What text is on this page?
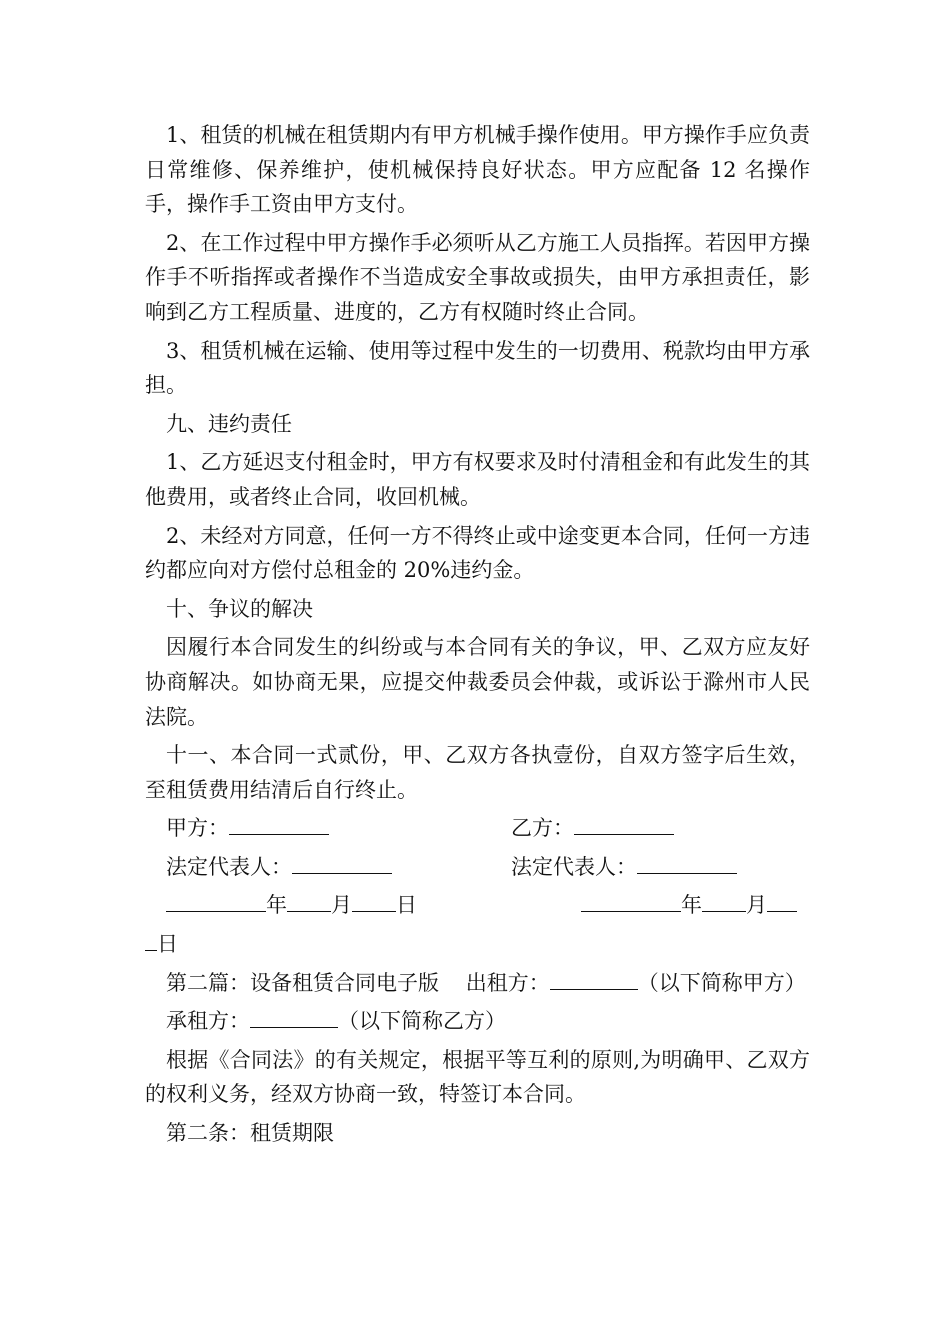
1、租赁的机械在租赁期内有甲方机械手操作使用。甲方操作手应负责日常维修、保养维护，使机械保持良好状态。甲方应配备 12 名操作手，操作手工资由甲方支付。

2、在工作过程中甲方操作手必须听从乙方施工人员指挥。若因甲方操作手不听指挥或者操作不当造成安全事故或损失，由甲方承担责任，影响到乙方工程质量、进度的，乙方有权随时终止合同。

3、租赁机械在运输、使用等过程中发生的一切费用、税款均由甲方承担。

九、违约责任

1、乙方延迟支付租金时，甲方有权要求及时付清租金和有此发生的其他费用，或者终止合同，收回机械。

2、未经对方同意，任何一方不得终止或中途变更本合同，任何一方违约都应向对方偿付总租金的 20%违约金。

十、争议的解决

因履行本合同发生的纠纷或与本合同有关的争议，甲、乙双方应友好协商解决。如协商无果，应提交仲裁委员会仲裁，或诉讼于滁州市人民法院。

十一、本合同一式贰份，甲、乙双方各执壹份，自双方签字后生效，至租赁费用结清后自行终止。

甲方：	乙方：
法定代表人：	法定代表人：
年 月 日	年 月
日

第二篇：设备租赁合同电子版 出租方：	（以下简称甲方）

承租方：	（以下简称乙方）

根据《合同法》的有关规定，根据平等互利的原则,为明确甲、乙双方的权利义务，经双方协商一致，特签订本合同。

第二条：租赁期限
